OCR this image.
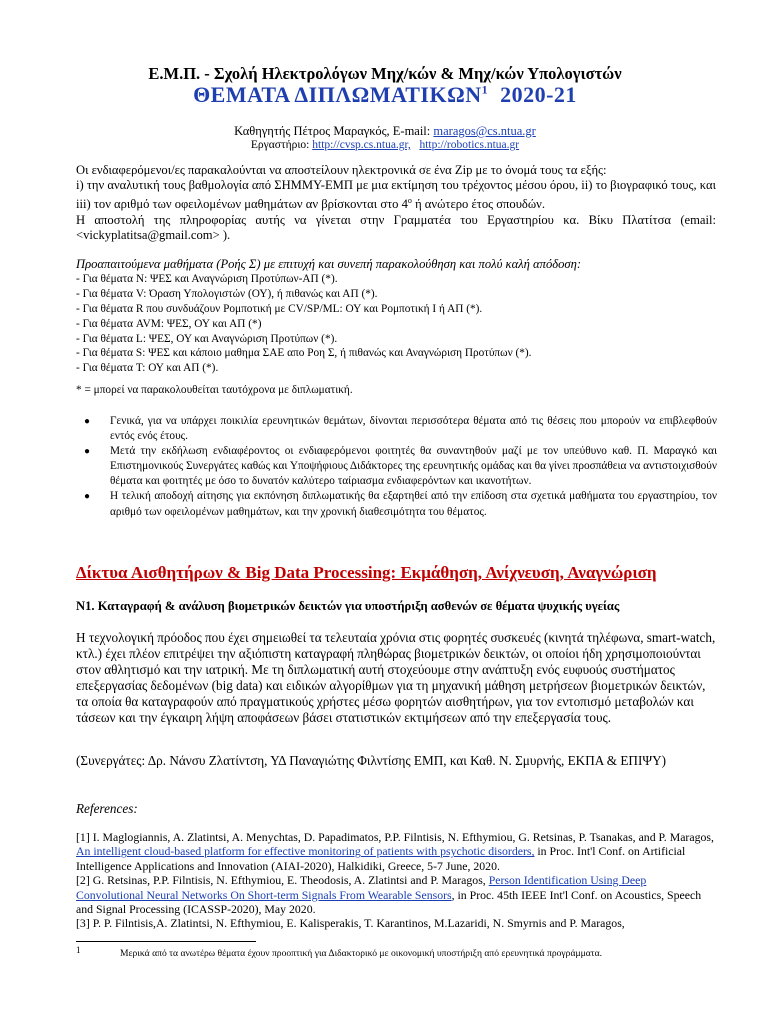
Ε.Μ.Π. - Σχολή Ηλεκτρολόγων Μηχ/κών & Μηχ/κών Υπολογιστών
ΘΕΜΑΤΑ ΔΙΠΛΩΜΑΤΙΚΩΝ$^1$ 2020-21
Καθηγητής Πέτρος Μαραγκός, E-mail: maragos@cs.ntua.gr
Εργαστήριο: http://cvsp.cs.ntua.gr, http://robotics.ntua.gr
Οι ενδιαφερόμενοι/ες παρακαλούνται να αποστείλουν ηλεκτρονικά σε ένα Zip με το όνομά τους τα εξής:
i) την αναλυτική τους βαθμολογία από ΣΗΜΜΥ-ΕΜΠ με μια εκτίμηση του τρέχοντος μέσου όρου, ii) το βιογραφικό τους, και iii) τον αριθμό των οφειλομένων μαθημάτων αν βρίσκονται στο $4^o$ ή ανώτερο έτος σπουδών.
Η αποστολή της πληροφορίας αυτής να γίνεται στην Γραμματέα του Εργαστηρίου κα. Βίκυ Πλατίτσα (email: <vickyplatitsa@gmail.com> ).
Προαπαιτούμενα μαθήματα (Ροής Σ) με επιτυχή και συνεπή παρακολούθηση και πολύ καλή απόδοση:
- Για θέματα N: ΨΕΣ και Αναγνώριση Προτύπων-ΑΠ (*).
- Για θέματα V: Όραση Υπολογιστών (ΟΥ), ή πιθανώς και ΑΠ (*).
- Για θέματα R που συνδυάζουν Ρομποτική με CV/SP/ML: ΟΥ και Ρομποτική Ι ή ΑΠ (*).
- Για θέματα AVM: ΨΕΣ, ΟΥ και ΑΠ (*)
- Για θέματα L: ΨΕΣ, ΟΥ και Αναγνώριση Προτύπων (*).
- Για θέματα S: ΨΕΣ και κάποιο μαθημα ΣΑΕ απο Ροη Σ, ή πιθανώς και Αναγνώριση Προτύπων (*).
- Για θέματα T: ΟΥ και ΑΠ (*).
* = μπορεί να παρακολουθείται ταυτόχρονα με διπλωματική.
● Γενικά, για να υπάρχει ποικιλία ερευνητικών θεμάτων, δίνονται περισσότερα θέματα από τις θέσεις που μπορούν να επιβλεφθούν εντός ενός έτους.
● Μετά την εκδήλωση ενδιαφέροντος οι ενδιαφερόμενοι φοιτητές θα συναντηθούν μαζί με τον υπεύθυνο καθ. Π. Μαραγκό και Επιστημονικούς Συνεργάτες καθώς και Υποψήφιους Διδάκτορες της ερευνητικής ομάδας και θα γίνει προσπάθεια να αντιστοιχισθούν θέματα και φοιτητές με όσο το δυνατόν καλύτερο ταίριασμα ενδιαφερόντων και ικανοτήτων.
● Η τελική αποδοχή αίτησης για εκπόνηση διπλωματικής θα εξαρτηθεί από την επίδοση στα σχετικά μαθήματα του εργαστηρίου, τον αριθμό των οφειλομένων μαθημάτων, και την χρονική διαθεσιμότητα του θέματος.
Δίκτυα Αισθητήρων & Big Data Processing: Εκμάθηση, Ανίχνευση, Αναγνώριση
Ν1. Καταγραφή & ανάλυση βιομετρικών δεικτών για υποστήριξη ασθενών σε θέματα ψυχικής υγείας
Η τεχνολογική πρόοδος που έχει σημειωθεί τα τελευταία χρόνια στις φορητές συσκευές (κινητά τηλέφωνα, smart-watch, κτλ.) έχει πλέον επιτρέψει την αξιόπιστη καταγραφή πληθώρας βιομετρικών δεικτών, οι οποίοι ήδη χρησιμοποιούνται στον αθλητισμό και την ιατρική. Με τη διπλωματική αυτή στοχεύουμε στην ανάπτυξη ενός ευφυούς συστήματος επεξεργασίας δεδομένων (big data) και ειδικών αλγορίθμων για τη μηχανική μάθηση μετρήσεων βιομετρικών δεικτών, τα οποία θα καταγραφούν από πραγματικούς χρήστες μέσω φορητών αισθητήρων, για τον εντοπισμό μεταβολών και τάσεων και την έγκαιρη λήψη αποφάσεων βάσει στατιστικών εκτιμήσεων από την επεξεργασία τους.
(Συνεργάτες: Δρ. Νάνσυ Ζλατίντση, ΥΔ Παναγιώτης Φιλντίσης ΕΜΠ, και Καθ. Ν. Σμυρνής, ΕΚΠΑ & ΕΠΙΨΥ)
References:
[1] I. Maglogiannis, A. Zlatintsi, A. Menychtas, D. Papadimatos, P.P. Filntisis, N. Efthymiou, G. Retsinas, P. Tsanakas, and P. Maragos, An intelligent cloud-based platform for effective monitoring of patients with psychotic disorders, in Proc. Int'l Conf. on Artificial Intelligence Applications and Innovation (AIAI-2020), Halkidiki, Greece, 5-7 June, 2020.
[2] G. Retsinas, P.P. Filntisis, N. Efthymiou, E. Theodosis, A. Zlatintsi and P. Maragos, Person Identification Using Deep Convolutional Neural Networks On Short-term Signals From Wearable Sensors, in Proc. 45th IEEE Int'l Conf. on Acoustics, Speech and Signal Processing (ICASSP-2020), May 2020.
[3] P. P. Filntisis,A. Zlatintsi, N. Efthymiou, E. Kalisperakis, T. Karantinos, M.Lazaridi, N. Smyrnis and P. Maragos,
1	Μερικά από τα ανωτέρω θέματα έχουν προοπτική για Διδακτορικό με οικονομική υποστήριξη από ερευνητικά προγράμματα.
